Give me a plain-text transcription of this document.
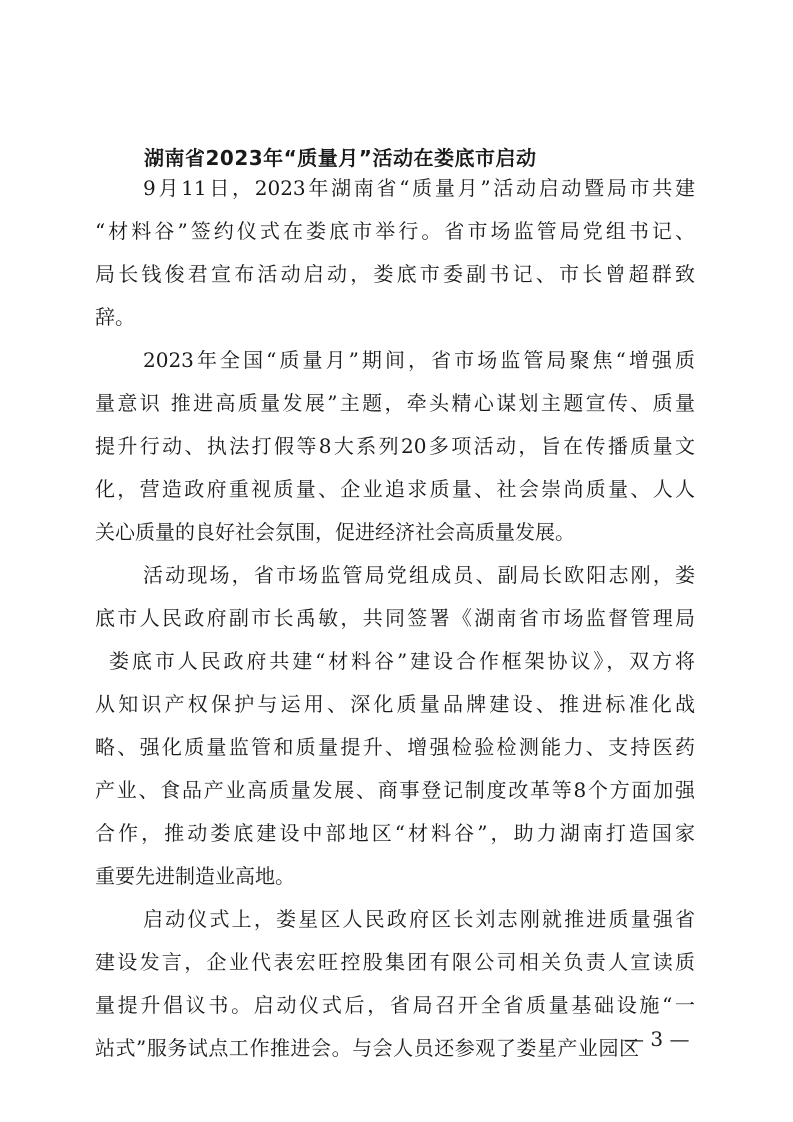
湖南省2023年“质量月”活动在娄底市启动
9月11日，2023年湖南省“质量月”活动启动暨局市共建
“材料谷”签约仪式在娄底市举行。省市场监管局党组书记、
局长钱俊君宣布活动启动，娄底市委副书记、市长曾超群致
辞。
2023年全国“质量月”期间，省市场监管局聚焦“增强质
量意识 推进高质量发展”主题，牵头精心谋划主题宣传、质量
提升行动、执法打假等8大系列20多项活动，旨在传播质量文
化，营造政府重视质量、企业追求质量、社会崇尚质量、人人
关心质量的良好社会氛围，促进经济社会高质量发展。
活动现场，省市场监管局党组成员、副局长欧阳志刚，娄
底市人民政府副市长禹敏，共同签署《湖南省市场监督管理局
娄底市人民政府共建“材料谷”建设合作框架协议》，双方将
从知识产权保护与运用、深化质量品牌建设、推进标准化战
略、强化质量监管和质量提升、增强检验检测能力、支持医药
产业、食品产业高质量发展、商事登记制度改革等8个方面加强
合作，推动娄底建设中部地区“材料谷”，助力湖南打造国家
重要先进制造业高地。
启动仪式上，娄星区人民政府区长刘志刚就推进质量强省
建设发言，企业代表宏旺控股集团有限公司相关负责人宣读质
量提升倡议书。启动仪式后，省局召开全省质量基础设施“一
站式”服务试点工作推进会。与会人员还参观了娄星产业园区
— 3 —
